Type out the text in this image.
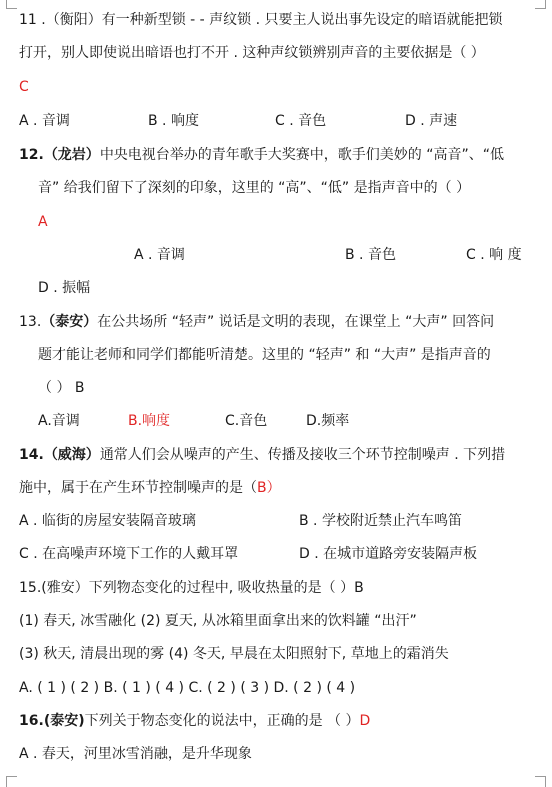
11 .（衡阳）有一种新型锁 - - 声纹锁 . 只要主人说出事先设定的暗语就能把锁
打开，别人即使说出暗语也打不开 . 这种声纹锁辨别声音的主要依据是（ ）
C
A . 音调	B . 响度	C . 音色	D . 声速
12.（龙岩）中央电视台举办的青年歌手大奖赛中，歌手们美妙的 “高音”、“低
音” 给我们留下了深刻的印象，这里的 “高”、“低” 是指声音中的（ ）
A
A . 音调	B . 音色	C . 响 度
D . 振幅
13.（泰安）在公共场所 “轻声” 说话是文明的表现，在课堂上 “大声” 回答问
题才能让老师和同学们都能听清楚。这里的 “轻声” 和 “大声” 是指声音的
（ ） B
A.音调	B.响度	C.音色	D.频率
14.（威海）通常人们会从噪声的产生、传播及接收三个环节控制噪声 . 下列措
施中，属于在产生环节控制噪声的是（B）
A . 临街的房屋安装隔音玻璃	B . 学校附近禁止汽车鸣笛
C . 在高噪声环境下工作的人戴耳罩	D . 在城市道路旁安装隔声板
15.(雅安）下列物态变化的过程中, 吸收热量的是（ ）B
(1) 春天, 冰雪融化 (2) 夏天, 从冰箱里面拿出来的饮料罐 “出汗”
(3) 秋天, 清晨出现的雾 (4) 冬天, 早晨在太阳照射下, 草地上的霜消失
A. ( 1 ) ( 2 ) B. ( 1 ) ( 4 ) C. ( 2 ) ( 3 ) D. ( 2 ) ( 4 )
16.(泰安)下列关于物态变化的说法中，正确的是 （ ）D
A . 春天，河里冰雪消融，是升华现象
